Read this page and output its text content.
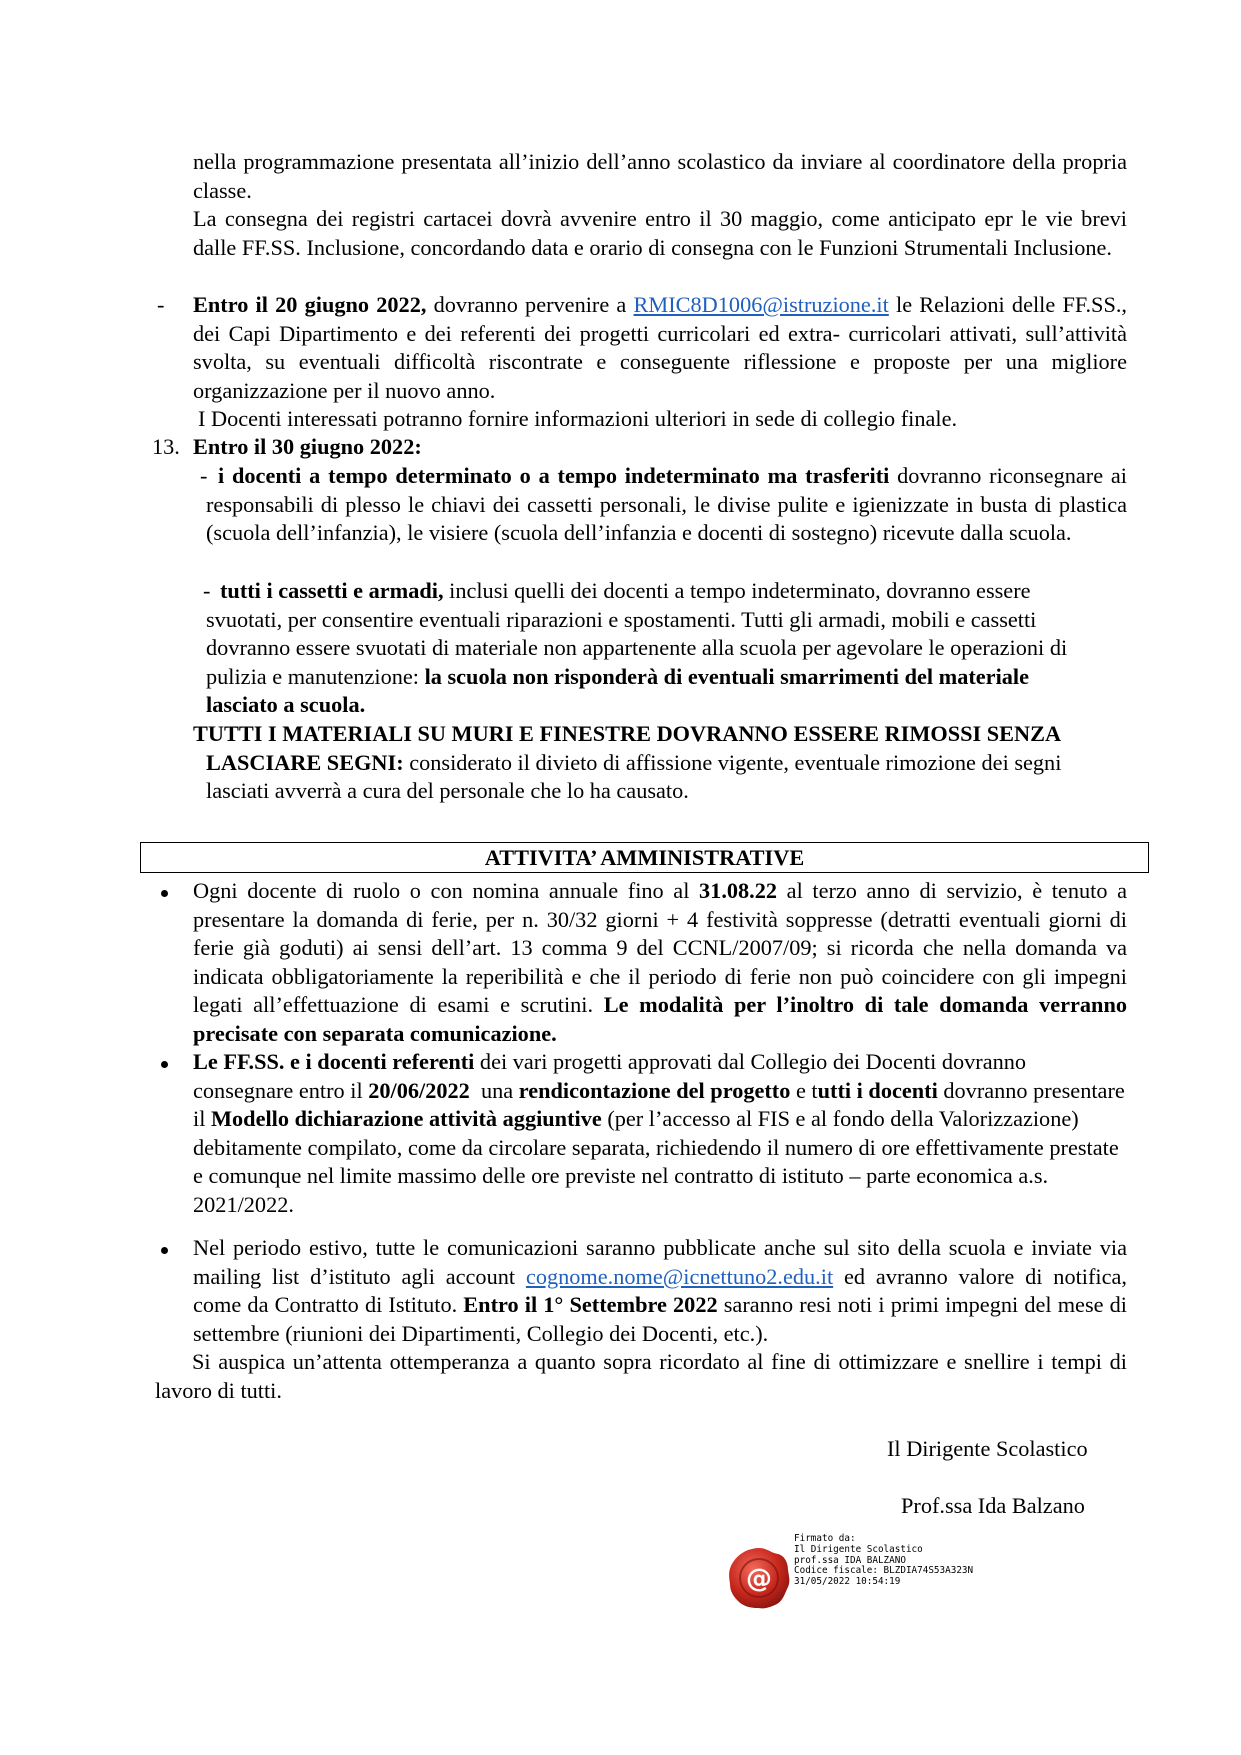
nella programmazione presentata all’inizio dell’anno scolastico da inviare al coordinatore della propria classe.
La consegna dei registri cartacei dovrà avvenire entro il 30 maggio, come anticipato epr le vie brevi dalle FF.SS. Inclusione, concordando data e orario di consegna con le Funzioni Strumentali Inclusione.
- Entro il 20 giugno 2022, dovranno pervenire a RMIC8D1006@istruzione.it le Relazioni delle FF.SS., dei Capi Dipartimento e dei referenti dei progetti curricolari ed extra- curricolari attivati, sull’attività svolta, su eventuali difficoltà riscontrate e conseguente riflessione e proposte per una migliore organizzazione per il nuovo anno.
I Docenti interessati potranno fornire informazioni ulteriori in sede di collegio finale.
13. Entro il 30 giugno 2022:
- i docenti a tempo determinato o a tempo indeterminato ma trasferiti dovranno riconsegnare ai responsabili di plesso le chiavi dei cassetti personali, le divise pulite e igienizzate in busta di plastica (scuola dell’infanzia), le visiere (scuola dell’infanzia e docenti di sostegno) ricevute dalla scuola.
- tutti i cassetti e armadi, inclusi quelli dei docenti a tempo indeterminato, dovranno essere svuotati, per consentire eventuali riparazioni e spostamenti. Tutti gli armadi, mobili e cassetti dovranno essere svuotati di materiale non appartenente alla scuola per agevolare le operazioni di pulizia e manutenzione: la scuola non risponderà di eventuali smarrimenti del materiale lasciato a scuola.
TUTTI I MATERIALI SU MURI E FINESTRE DOVRANNO ESSERE RIMOSSI SENZA LASCIARE SEGNI: considerato il divieto di affissione vigente, eventuale rimozione dei segni lasciati avverrà a cura del personale che lo ha causato.
ATTIVITA’ AMMINISTRATIVE
Ogni docente di ruolo o con nomina annuale fino al 31.08.22 al terzo anno di servizio, è tenuto a presentare la domanda di ferie, per n. 30/32 giorni + 4 festività soppresse (detratti eventuali giorni di ferie già goduti) ai sensi dell’art. 13 comma 9 del CCNL/2007/09; si ricorda che nella domanda va indicata obbligatoriamente la reperibilità e che il periodo di ferie non può coincidere con gli impegni legati all’effettuazione di esami e scrutini. Le modalità per l’inoltro di tale domanda verranno precisate con separata comunicazione.
Le FF.SS. e i docenti referenti dei vari progetti approvati dal Collegio dei Docenti dovranno consegnare entro il 20/06/2022  una rendicontazione del progetto e tutti i docenti dovranno presentare il Modello dichiarazione attività aggiuntive (per l’accesso al FIS e al fondo della Valorizzazione) debitamente compilato, come da circolare separata, richiedendo il numero di ore effettivamente prestate e comunque nel limite massimo delle ore previste nel contratto di istituto – parte economica a.s. 2021/2022.
Nel periodo estivo, tutte le comunicazioni saranno pubblicate anche sul sito della scuola e inviate via mailing list d’istituto agli account cognome.nome@icnettuno2.edu.it ed avranno valore di notifica, come da Contratto di Istituto. Entro il 1° Settembre 2022 saranno resi noti i primi impegni del mese di settembre (riunioni dei Dipartimenti, Collegio dei Docenti, etc.).
Si auspica un’attenta ottemperanza a quanto sopra ricordato al fine di ottimizzare e snellire i tempi di lavoro di tutti.
Il Dirigente Scolastico
Prof.ssa Ida Balzano
@
Firmato da:
Il Dirigente Scolastico
prof.ssa IDA BALZANO
Codice fiscale: BLZDIA74S53A323N
31/05/2022 10:54:19
